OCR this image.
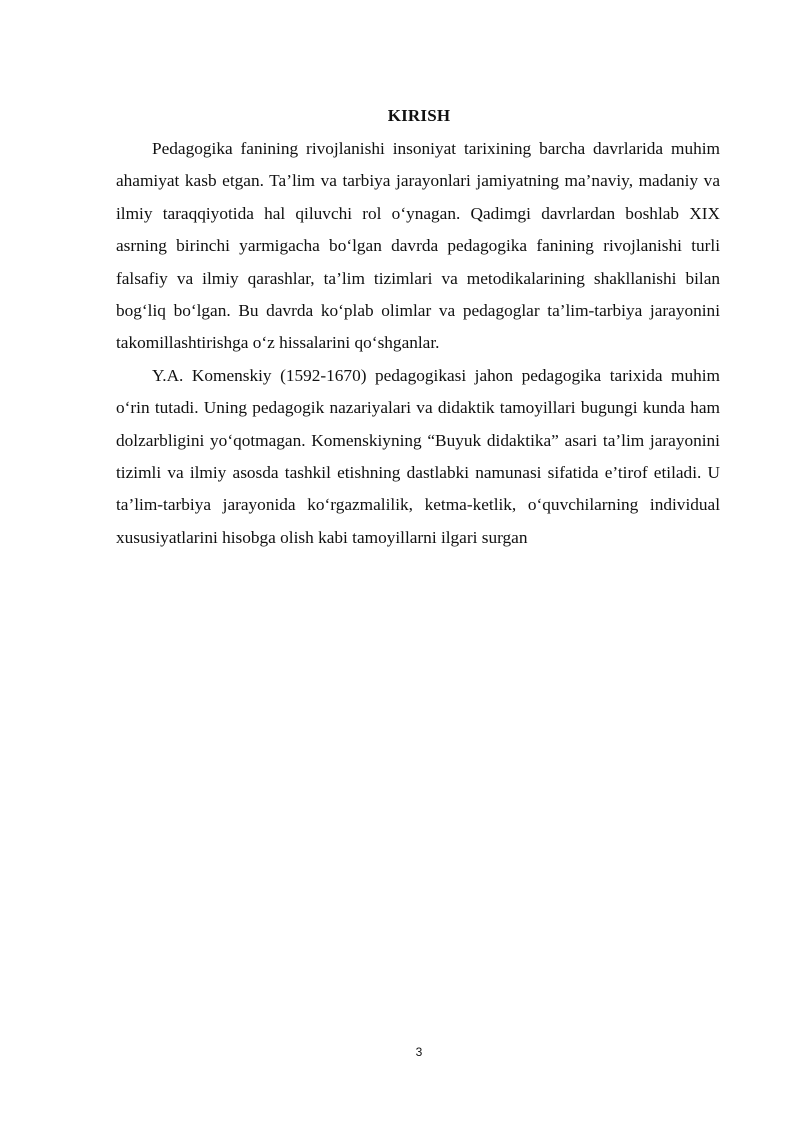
KIRISH

Pedagogika fanining rivojlanishi insoniyat tarixining barcha davrlarida muhim ahamiyat kasb etgan. Ta’lim va tarbiya jarayonlari jamiyatning ma’naviy, madaniy va ilmiy taraqqiyotida hal qiluvchi rol o‘ynagan. Qadimgi davrlardan boshlab XIX asrning birinchi yarmigacha bo‘lgan davrda pedagogika fanining rivojlanishi turli falsafiy va ilmiy qarashlar, ta’lim tizimlari va metodikalarining shakllanishi bilan bog‘liq bo‘lgan. Bu davrda ko‘plab olimlar va pedagoglar ta’lim-tarbiya jarayonini takomillashtirishga o‘z hissalarini qo‘shganlar.

Y.A. Komenskiy (1592-1670) pedagogikasi jahon pedagogika tarixida muhim o‘rin tutadi. Uning pedagogik nazariyalari va didaktik tamoyillari bugungi kunda ham dolzarbligini yo‘qotmagan. Komenskiyning “Buyuk didaktika” asari ta’lim jarayonini tizimli va ilmiy asosda tashkil etishning dastlabki namunasi sifatida e’tirof etiladi. U ta’lim-tarbiya jarayonida ko‘rgazmalilik, ketma-ketlik, o‘quvchilarning individual xususiyatlarini hisobga olish kabi tamoyillarni ilgari surgan

3
